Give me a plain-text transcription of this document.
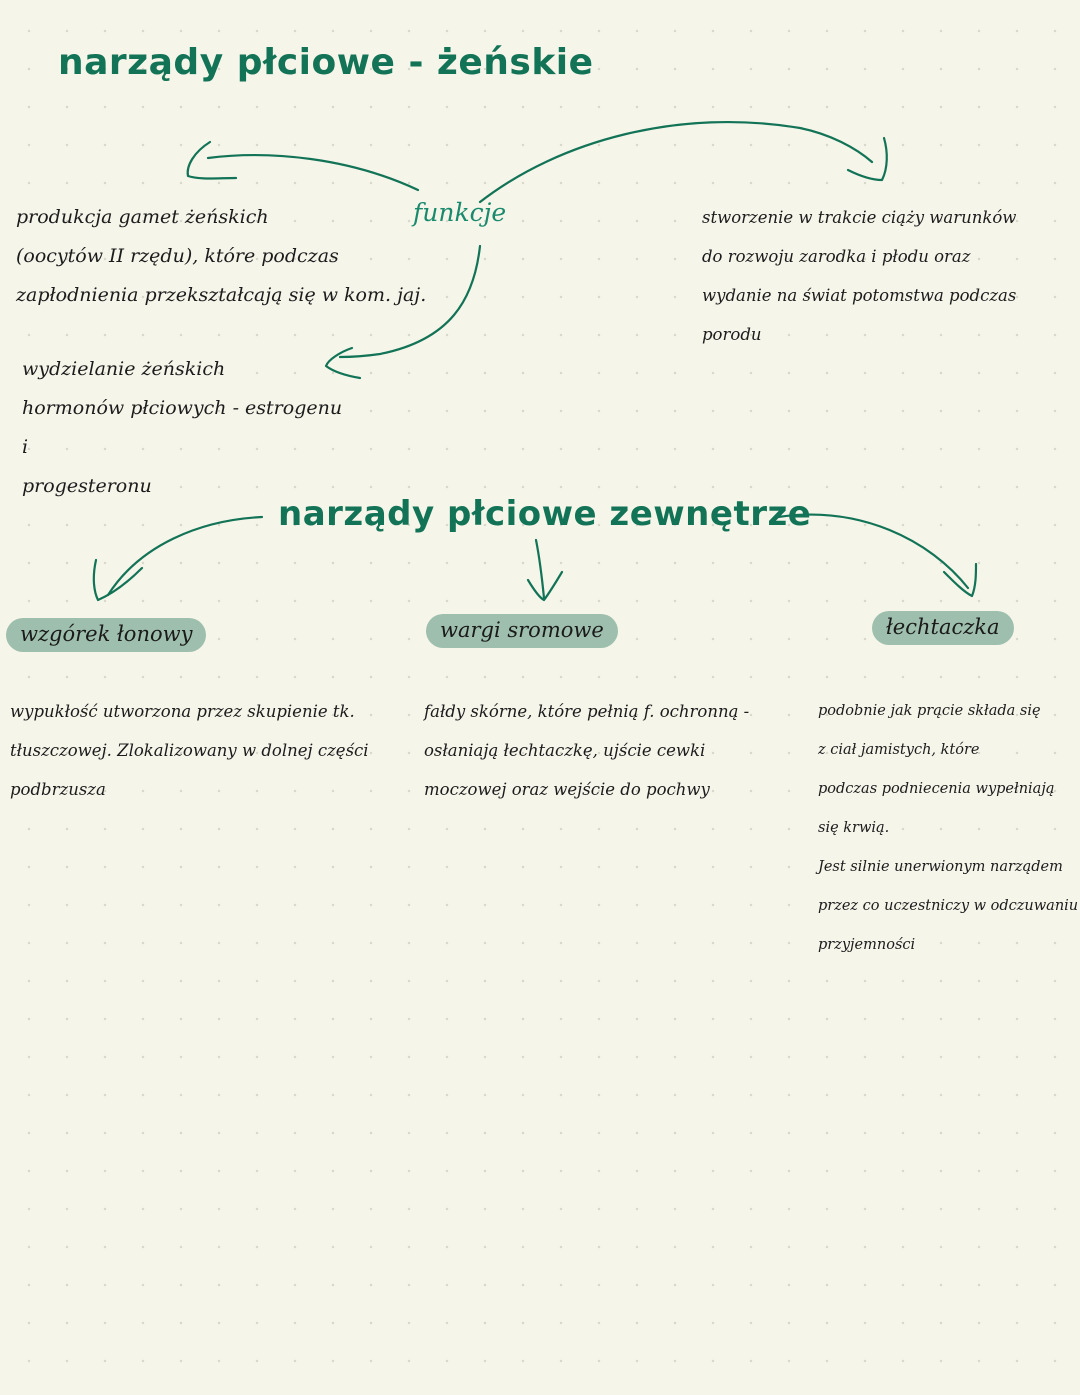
narządy płciowe - żeńskie
funkcje
produkcja gamet żeńskich
(oocytów II rzędu), które podczas
zapłodnienia przekształcają się w kom. jaj.
wydzielanie żeńskich
hormonów płciowych - estrogenu i
progesteronu
stworzenie w trakcie ciąży warunków
do rozwoju zarodka i płodu oraz
wydanie na świat potomstwa podczas
porodu
narządy płciowe zewnętrze
wzgórek łonowy	wargi sromowe	łechtaczka
wypukłość utworzona przez skupienie tk.
tłuszczowej. Zlokalizowany w dolnej części
podbrzusza
fałdy skórne, które pełnią f. ochronną -
osłaniają łechtaczkę, ujście cewki
moczowej oraz wejście do pochwy
podobnie jak prącie składa się
z ciał jamistych, które
podczas podniecenia wypełniają
się krwią.
Jest silnie unerwionym narządem
przez co uczestniczy w odczuwaniu
przyjemności
